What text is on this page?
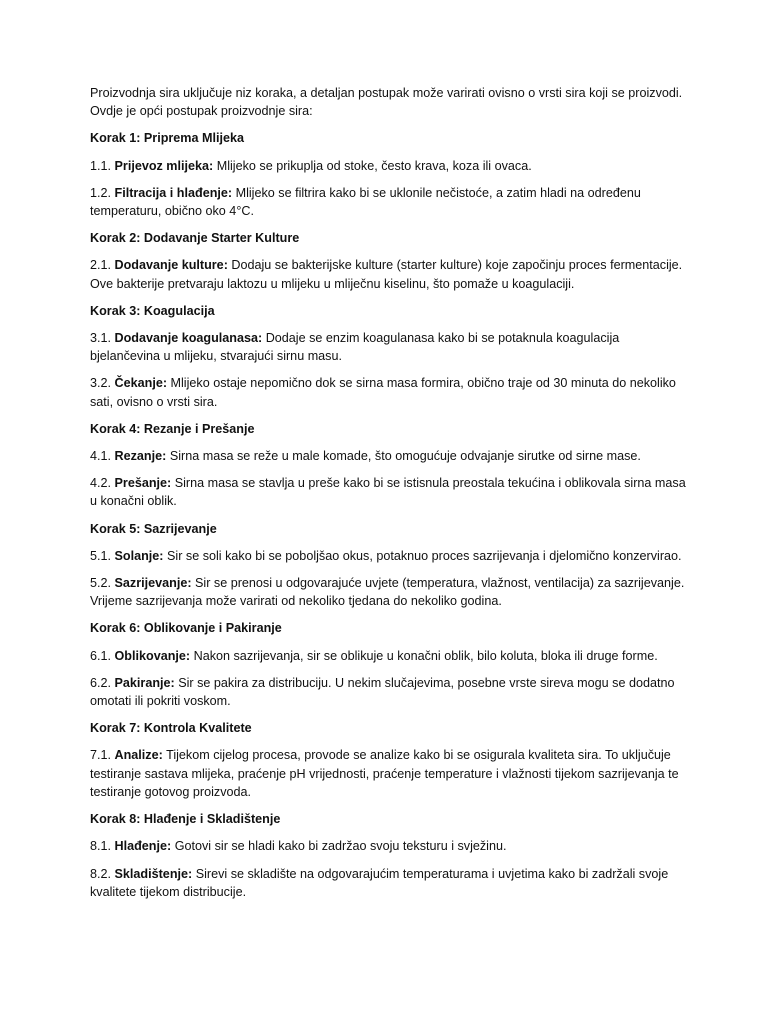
Proizvodnja sira uključuje niz koraka, a detaljan postupak može varirati ovisno o vrsti sira koji se proizvodi. Ovdje je opći postupak proizvodnje sira:

Korak 1: Priprema Mlijeka

1.1. Prijevoz mlijeka: Mlijeko se prikuplja od stoke, često krava, koza ili ovaca.

1.2. Filtracija i hlađenje: Mlijeko se filtrira kako bi se uklonile nečistoće, a zatim hladi na određenu temperaturu, obično oko 4°C.

Korak 2: Dodavanje Starter Kulture

2.1. Dodavanje kulture: Dodaju se bakterijske kulture (starter kulture) koje započinju proces fermentacije. Ove bakterije pretvaraju laktozu u mlijeku u mliječnu kiselinu, što pomaže u koagulaciji.

Korak 3: Koagulacija

3.1. Dodavanje koagulanasa: Dodaje se enzim koagulanasa kako bi se potaknula koagulacija bjelančevina u mlijeku, stvarajući sirnu masu.

3.2. Čekanje: Mlijeko ostaje nepomično dok se sirna masa formira, obično traje od 30 minuta do nekoliko sati, ovisno o vrsti sira.

Korak 4: Rezanje i Prešanje

4.1. Rezanje: Sirna masa se reže u male komade, što omogućuje odvajanje sirutke od sirne mase.

4.2. Prešanje: Sirna masa se stavlja u preše kako bi se istisnula preostala tekućina i oblikovala sirna masa u konačni oblik.

Korak 5: Sazrijevanje

5.1. Solanje: Sir se soli kako bi se poboljšao okus, potaknuo proces sazrijevanja i djelomično konzervirao.

5.2. Sazrijevanje: Sir se prenosi u odgovarajuće uvjete (temperatura, vlažnost, ventilacija) za sazrijevanje. Vrijeme sazrijevanja može varirati od nekoliko tjedana do nekoliko godina.

Korak 6: Oblikovanje i Pakiranje

6.1. Oblikovanje: Nakon sazrijevanja, sir se oblikuje u konačni oblik, bilo koluta, bloka ili druge forme.

6.2. Pakiranje: Sir se pakira za distribuciju. U nekim slučajevima, posebne vrste sireva mogu se dodatno omotati ili pokriti voskom.

Korak 7: Kontrola Kvalitete

7.1. Analize: Tijekom cijelog procesa, provode se analize kako bi se osigurala kvaliteta sira. To uključuje testiranje sastava mlijeka, praćenje pH vrijednosti, praćenje temperature i vlažnosti tijekom sazrijevanja te testiranje gotovog proizvoda.

Korak 8: Hlađenje i Skladištenje

8.1. Hlađenje: Gotovi sir se hladi kako bi zadržao svoju teksturu i svježinu.

8.2. Skladištenje: Sirevi se skladište na odgovarajućim temperaturama i uvjetima kako bi zadržali svoje kvalitete tijekom distribucije.
